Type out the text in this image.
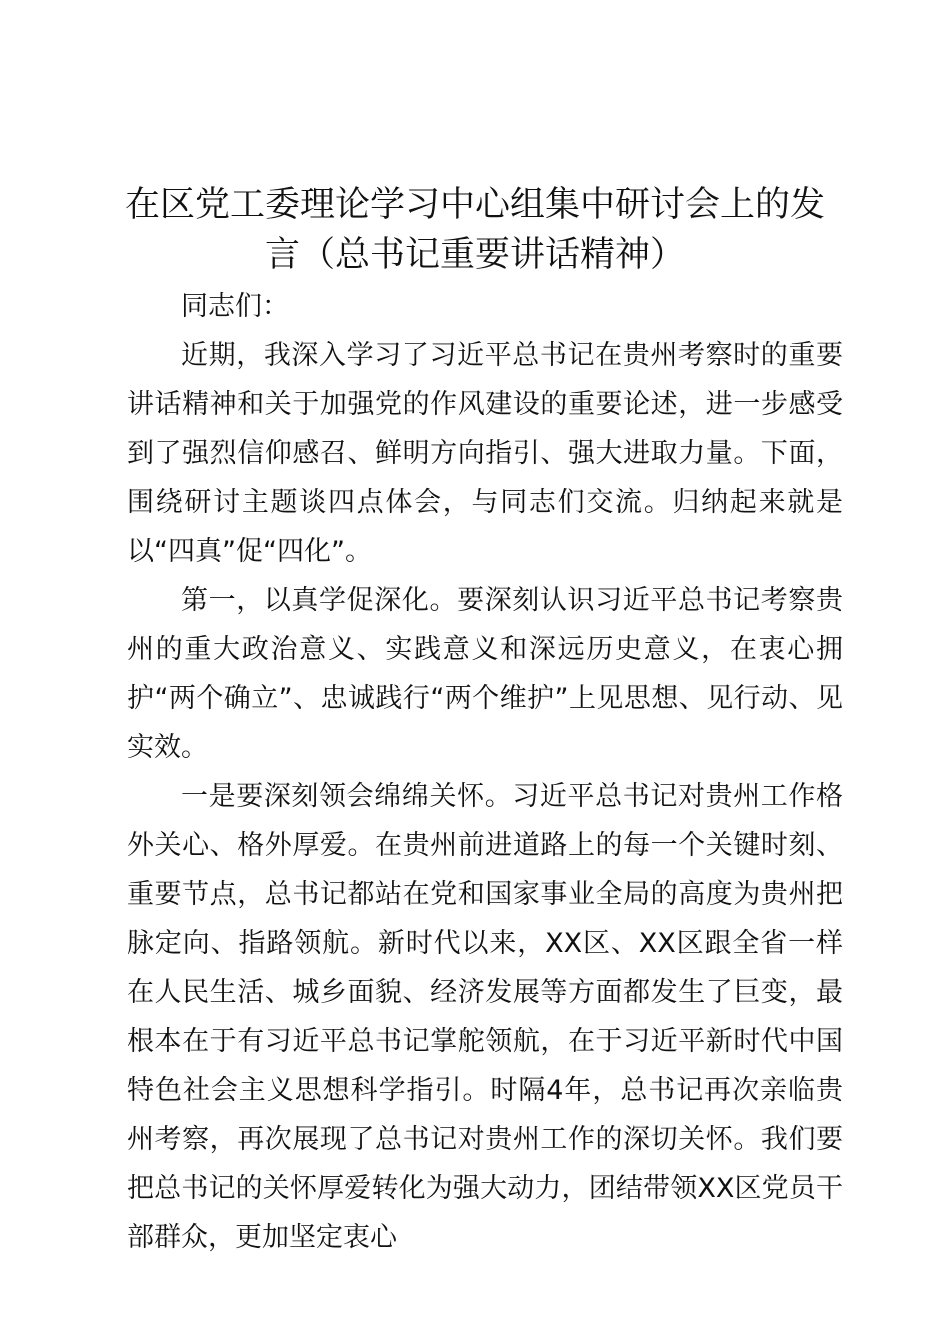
在区党工委理论学习中心组集中研讨会上的发言（总书记重要讲话精神）

同志们：

近期，我深入学习了习近平总书记在贵州考察时的重要讲话精神和关于加强党的作风建设的重要论述，进一步感受到了强烈信仰感召、鲜明方向指引、强大进取力量。下面，围绕研讨主题谈四点体会，与同志们交流。归纳起来就是以“四真”促“四化”。

第一，以真学促深化。要深刻认识习近平总书记考察贵州的重大政治意义、实践意义和深远历史意义，在衷心拥护“两个确立”、忠诚践行“两个维护”上见思想、见行动、见实效。

一是要深刻领会绵绵关怀。习近平总书记对贵州工作格外关心、格外厚爱。在贵州前进道路上的每一个关键时刻、重要节点，总书记都站在党和国家事业全局的高度为贵州把脉定向、指路领航。新时代以来，XX区、XX区跟全省一样在人民生活、城乡面貌、经济发展等方面都发生了巨变，最根本在于有习近平总书记掌舵领航，在于习近平新时代中国特色社会主义思想科学指引。时隔4年，总书记再次亲临贵州考察，再次展现了总书记对贵州工作的深切关怀。我们要把总书记的关怀厚爱转化为强大动力，团结带领XX区党员干部群众，更加坚定衷心
